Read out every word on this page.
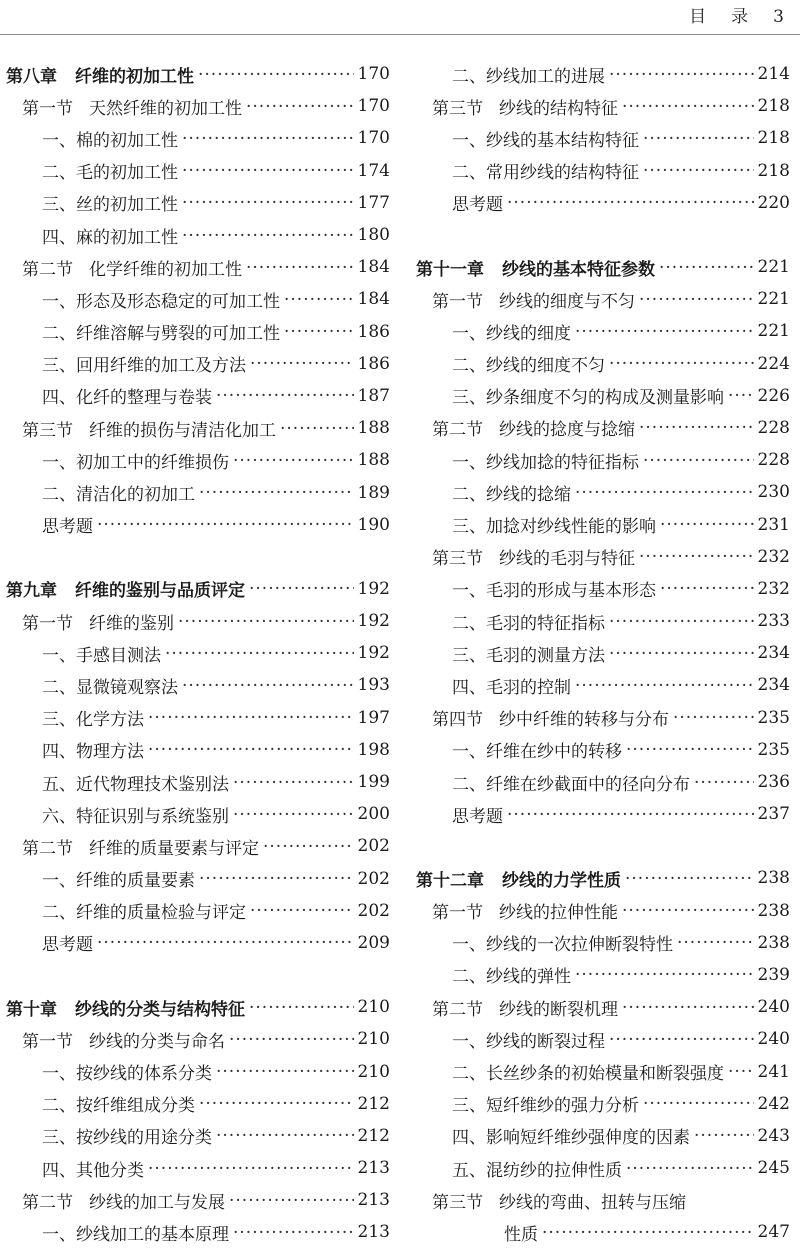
目　录　3
第八章 纤维的初加工性 ·····	170
第一节 天然纤维的初加工性 ·····	170
一、棉的初加工性 ·····	170
二、毛的初加工性 ·····	174
三、丝的初加工性 ·····	177
四、麻的初加工性 ·····	180
第二节 化学纤维的初加工性 ·····	184
一、形态及形态稳定的可加工性 ·····	184
二、纤维溶解与劈裂的可加工性 ·····	186
三、回用纤维的加工及方法 ·····	186
四、化纤的整理与卷装 ·····	187
第三节 纤维的损伤与清洁化加工 ·····	188
一、初加工中的纤维损伤 ·····	188
二、清洁化的初加工 ·····	189
思考题 ·····	190
第九章 纤维的鉴别与品质评定 ·····	192
第一节 纤维的鉴别 ·····	192
一、手感目测法 ·····	192
二、显微镜观察法 ·····	193
三、化学方法 ·····	197
四、物理方法 ·····	198
五、近代物理技术鉴别法 ·····	199
六、特征识别与系统鉴别 ·····	200
第二节 纤维的质量要素与评定 ·····	202
一、纤维的质量要素 ·····	202
二、纤维的质量检验与评定 ·····	202
思考题 ·····	209
第十章 纱线的分类与结构特征 ·····	210
第一节 纱线的分类与命名 ·····	210
一、按纱线的体系分类 ·····	210
二、按纤维组成分类 ·····	212
三、按纱线的用途分类 ·····	212
四、其他分类 ·····	213
第二节 纱线的加工与发展 ·····	213
一、纱线加工的基本原理 ·····	213
二、纱线加工的进展 ·····	214
第三节 纱线的结构特征 ·····	218
一、纱线的基本结构特征 ·····	218
二、常用纱线的结构特征 ·····	218
思考题 ·····	220
第十一章 纱线的基本特征参数 ·····	221
第一节 纱线的细度与不匀 ·····	221
一、纱线的细度 ·····	221
二、纱线的细度不匀 ·····	224
三、纱条细度不匀的构成及测量影响 ····· 226
第二节 纱线的捻度与捻缩 ·····	228
一、纱线加捻的特征指标 ·····	228
二、纱线的捻缩 ·····	230
三、加捻对纱线性能的影响 ·····	231
第三节 纱线的毛羽与特征 ·····	232
一、毛羽的形成与基本形态 ·····	232
二、毛羽的特征指标 ·····	233
三、毛羽的测量方法 ·····	234
四、毛羽的控制 ·····	234
第四节 纱中纤维的转移与分布 ·····	235
一、纤维在纱中的转移 ·····	235
二、纤维在纱截面中的径向分布 ·····	236
思考题 ·····	237
第十二章 纱线的力学性质 ·····	238
第一节 纱线的拉伸性能 ·····	238
一、纱线的一次拉伸断裂特性 ·····	238
二、纱线的弹性 ·····	239
第二节 纱线的断裂机理 ·····	240
一、纱线的断裂过程 ·····	240
二、长丝纱条的初始模量和断裂强度 ····· 241
三、短纤维纱的强力分析 ·····	242
四、影响短纤维纱强伸度的因素 ·····	243
五、混纺纱的拉伸性质 ·····	245
第三节 纱线的弯曲、扭转与压缩
性质 ·····	247
